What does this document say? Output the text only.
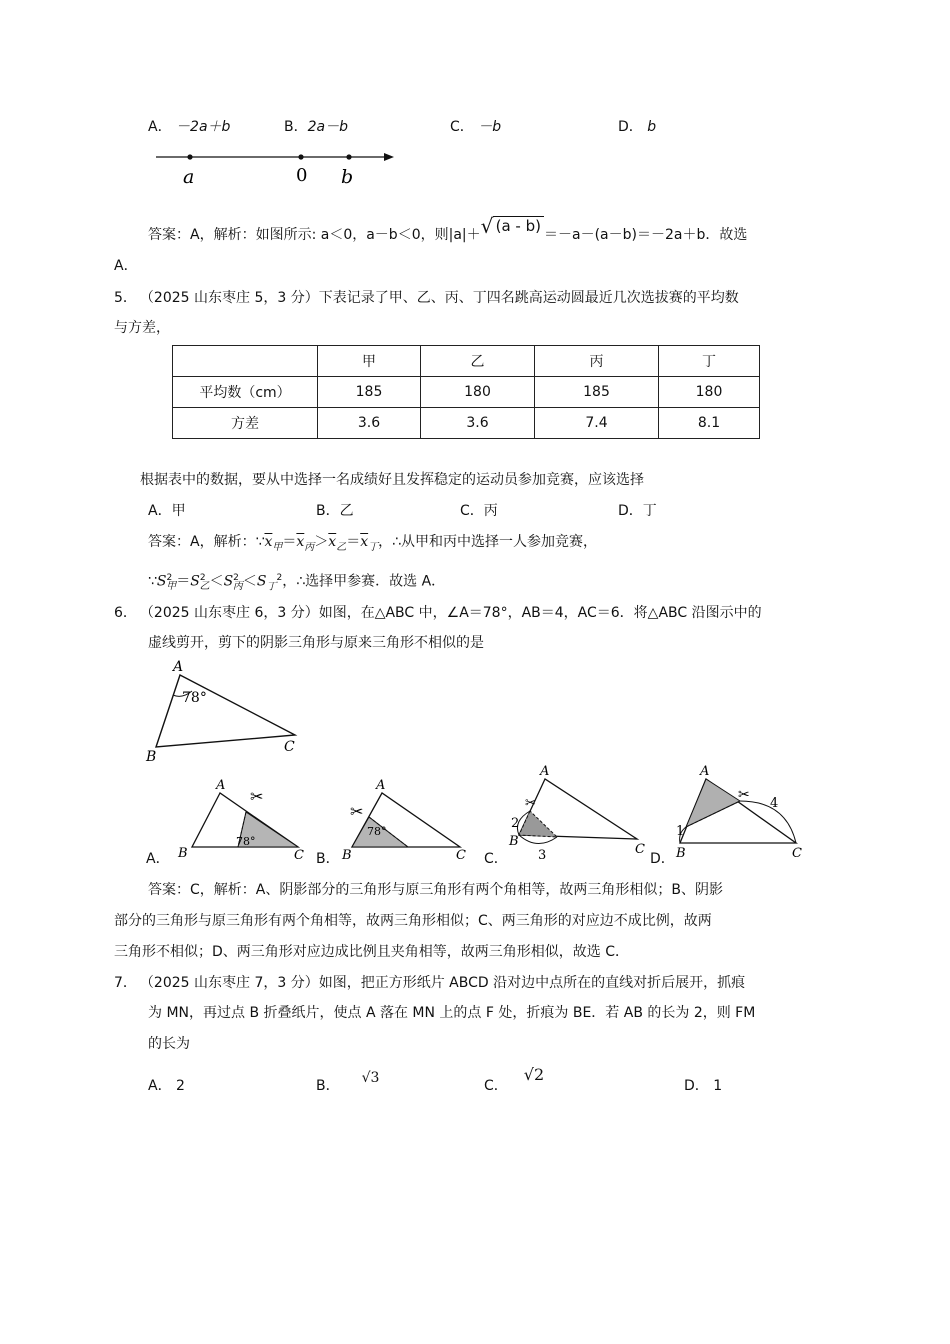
A． －2a＋b	B．2a－b	C． －b	D． b
a	0 b
答案：A，解析：如图所示: a＜0，a－b＜0，则|a|＋ √ (a - b) ＝－a－(a－b)＝－2a＋b．故选
A．
5． （2025 山东枣庄 5，3 分）下表记录了甲、乙、丙、丁四名跳高运动圆最近几次选拔赛的平均数
与方差，
	甲	乙	丙	丁
平均数（cm）	185	180	185	180
方差	3.6	3.6	7.4	8.1
根据表中的数据，要从中选择一名成绩好且发挥稳定的运动员参加竞赛，应该选择
A．甲	B．乙	C．丙	D．丁
答案：A，解析：$\because\overline{x}_甲=\overline{x}_丙>\overline{x}_乙=\overline{x}_丁$，∴从甲和丙中选择一人参加竞赛，
$\because S^2_甲=S^2_乙<S^2_丙<S_丁^2$，∴选择甲参赛．故选 A．
6． （2025 山东枣庄 6，3 分）如图，在△ABC 中，∠A＝78°，AB＝4，AC＝6．将△ABC 沿图示中的
虚线剪开，剪下的阴影三角形与原来三角形不相似的是
A
78°
B
C
A．
✂
78°
A
B	C B．
✂
78°
A
B	C C．
✂
A
B
C
2
3	D．
✂
A
B	C
1
4
答案：C，解析：A、阴影部分的三角形与原三角形有两个角相等，故两三角形相似；B、阴影
部分的三角形与原三角形有两个角相等，故两三角形相似；C、两三角形的对应边不成比例，故两
三角形不相似；D、两三角形对应边成比例且夹角相等，故两三角形相似，故选 C．
7． （2025 山东枣庄 7，3 分）如图，把正方形纸片 ABCD 沿对边中点所在的直线对折后展开，抓痕
为 MN，再过点 B 折叠纸片，使点 A 落在 MN 上的点 F 处，折痕为 BE．若 AB 的长为 2，则 FM
的长为
A． 2	B． √3	C．√2
D． 1
